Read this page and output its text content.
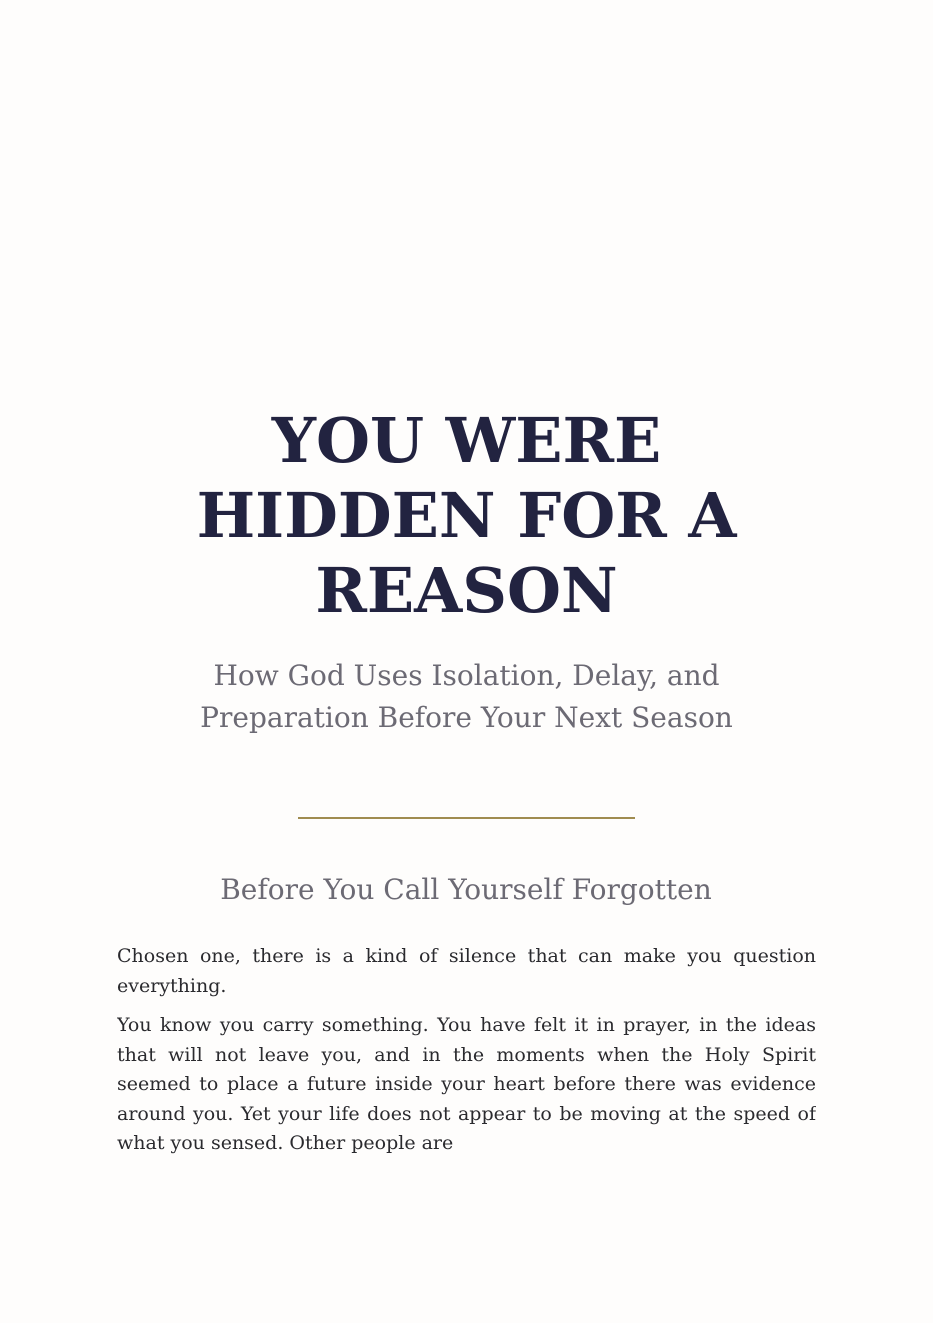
YOU WERE HIDDEN FOR A REASON

How God Uses Isolation, Delay, and Preparation Before Your Next Season

Before You Call Yourself Forgotten

Chosen one, there is a kind of silence that can make you question everything.

You know you carry something. You have felt it in prayer, in the ideas that will not leave you, and in the moments when the Holy Spirit seemed to place a future inside your heart before there was evidence around you. Yet your life does not appear to be moving at the speed of what you sensed. Other people are
